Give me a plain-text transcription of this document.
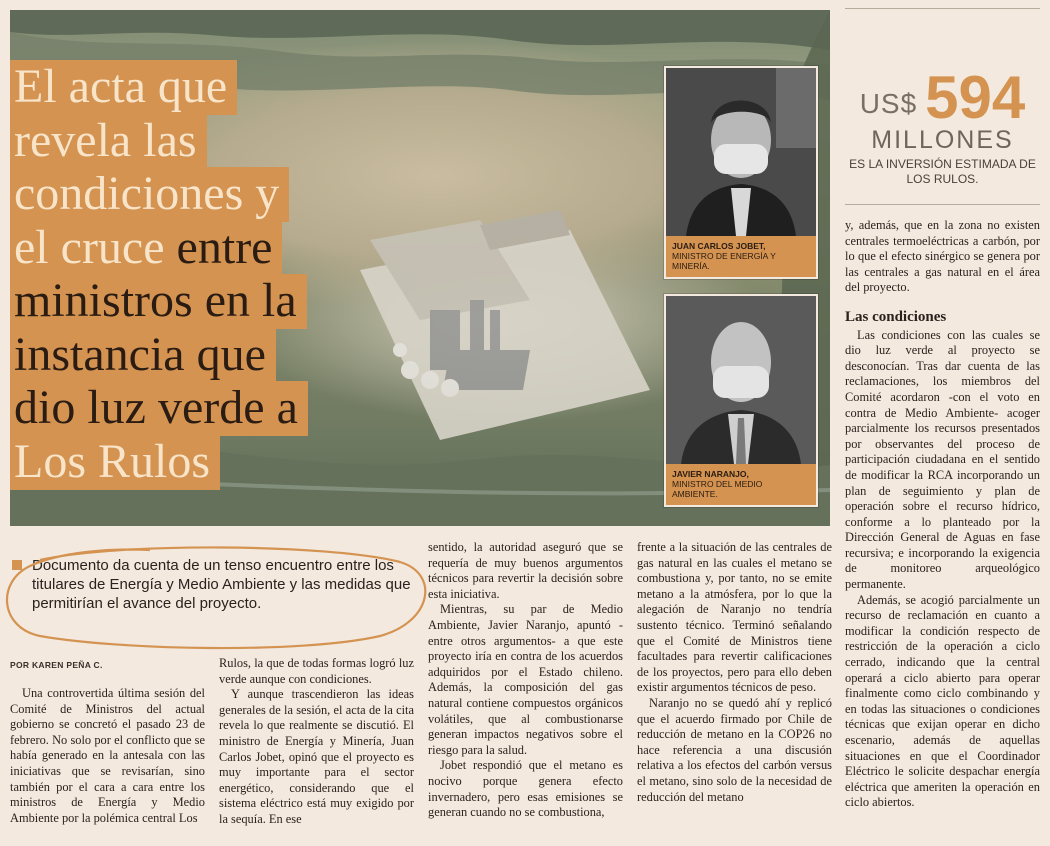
El acta que
revela las
condiciones y
el cruce entre
ministros en la
instancia que
dio luz verde a
Los Rulos
JUAN CARLOS JOBET,
MINISTRO DE ENERGÍA Y MINERÍA.
JAVIER NARANJO,
MINISTRO DEL MEDIO AMBIENTE.
US$ 594
MILLONES
ES LA INVERSIÓN ESTIMADA DE LOS RULOS.
Documento da cuenta de un tenso encuentro entre los titulares de Energía y Medio Ambiente y las medidas que permitirían el avance del proyecto.
POR KAREN PEÑA C.

Una controvertida última sesión del Comité de Ministros del actual gobierno se concretó el pasado 23 de febrero. No solo por el conflicto que se había generado en la antesala con las iniciativas que se revisarían, sino también por el cara a cara entre los ministros de Energía y Medio Ambiente por la polémica central Los

Rulos, la que de todas formas logró luz verde aunque con condiciones.

Y aunque trascendieron las ideas generales de la sesión, el acta de la cita revela lo que realmente se discutió. El ministro de Energía y Minería, Juan Carlos Jobet, opinó que el proyecto es muy importante para el sector energético, considerando que el sistema eléctrico está muy exigido por la sequía. En ese

sentido, la autoridad aseguró que se requería de muy buenos argumentos técnicos para revertir la decisión sobre esta iniciativa.

Mientras, su par de Medio Ambiente, Javier Naranjo, apuntó -entre otros argumentos- a que este proyecto iría en contra de los acuerdos adquiridos por el Estado chileno. Además, la composición del gas natural contiene compuestos orgánicos volátiles, que al combustionarse generan impactos negativos sobre el riesgo para la salud.

Jobet respondió que el metano es nocivo porque genera efecto invernadero, pero esas emisiones se generan cuando no se combustiona,

frente a la situación de las centrales de gas natural en las cuales el metano se combustiona y, por tanto, no se emite metano a la atmósfera, por lo que la alegación de Naranjo no tendría sustento técnico. Terminó señalando que el Comité de Ministros tiene facultades para revertir calificaciones de los proyectos, pero para ello deben existir argumentos técnicos de peso.

Naranjo no se quedó ahí y replicó que el acuerdo firmado por Chile de reducción de metano en la COP26 no hace referencia a una discusión relativa a los efectos del carbón versus el metano, sino solo de la necesidad de reducción del metano

y, además, que en la zona no existen centrales termoeléctricas a carbón, por lo que el efecto sinérgico se genera por las centrales a gas natural en el área del proyecto.

Las condiciones

Las condiciones con las cuales se dio luz verde al proyecto se desconocían. Tras dar cuenta de las reclamaciones, los miembros del Comité acordaron -con el voto en contra de Medio Ambiente- acoger parcialmente los recursos presentados por observantes del proceso de participación ciudadana en el sentido de modificar la RCA incorporando un plan de seguimiento y plan de operación sobre el recurso hídrico, conforme a lo planteado por la Dirección General de Aguas en fase recursiva; e incorporando la exigencia de monitoreo arqueológico permanente.

Además, se acogió parcialmente un recurso de reclamación en cuanto a modificar la condición respecto de restricción de la operación a ciclo cerrado, indicando que la central operará a ciclo abierto para operar finalmente como ciclo combinando y en todas las situaciones o condiciones técnicas que exijan operar en dicho escenario, además de aquellas situaciones en que el Coordinador Eléctrico le solicite despachar energía eléctrica que ameriten la operación en ciclo abiertos.
